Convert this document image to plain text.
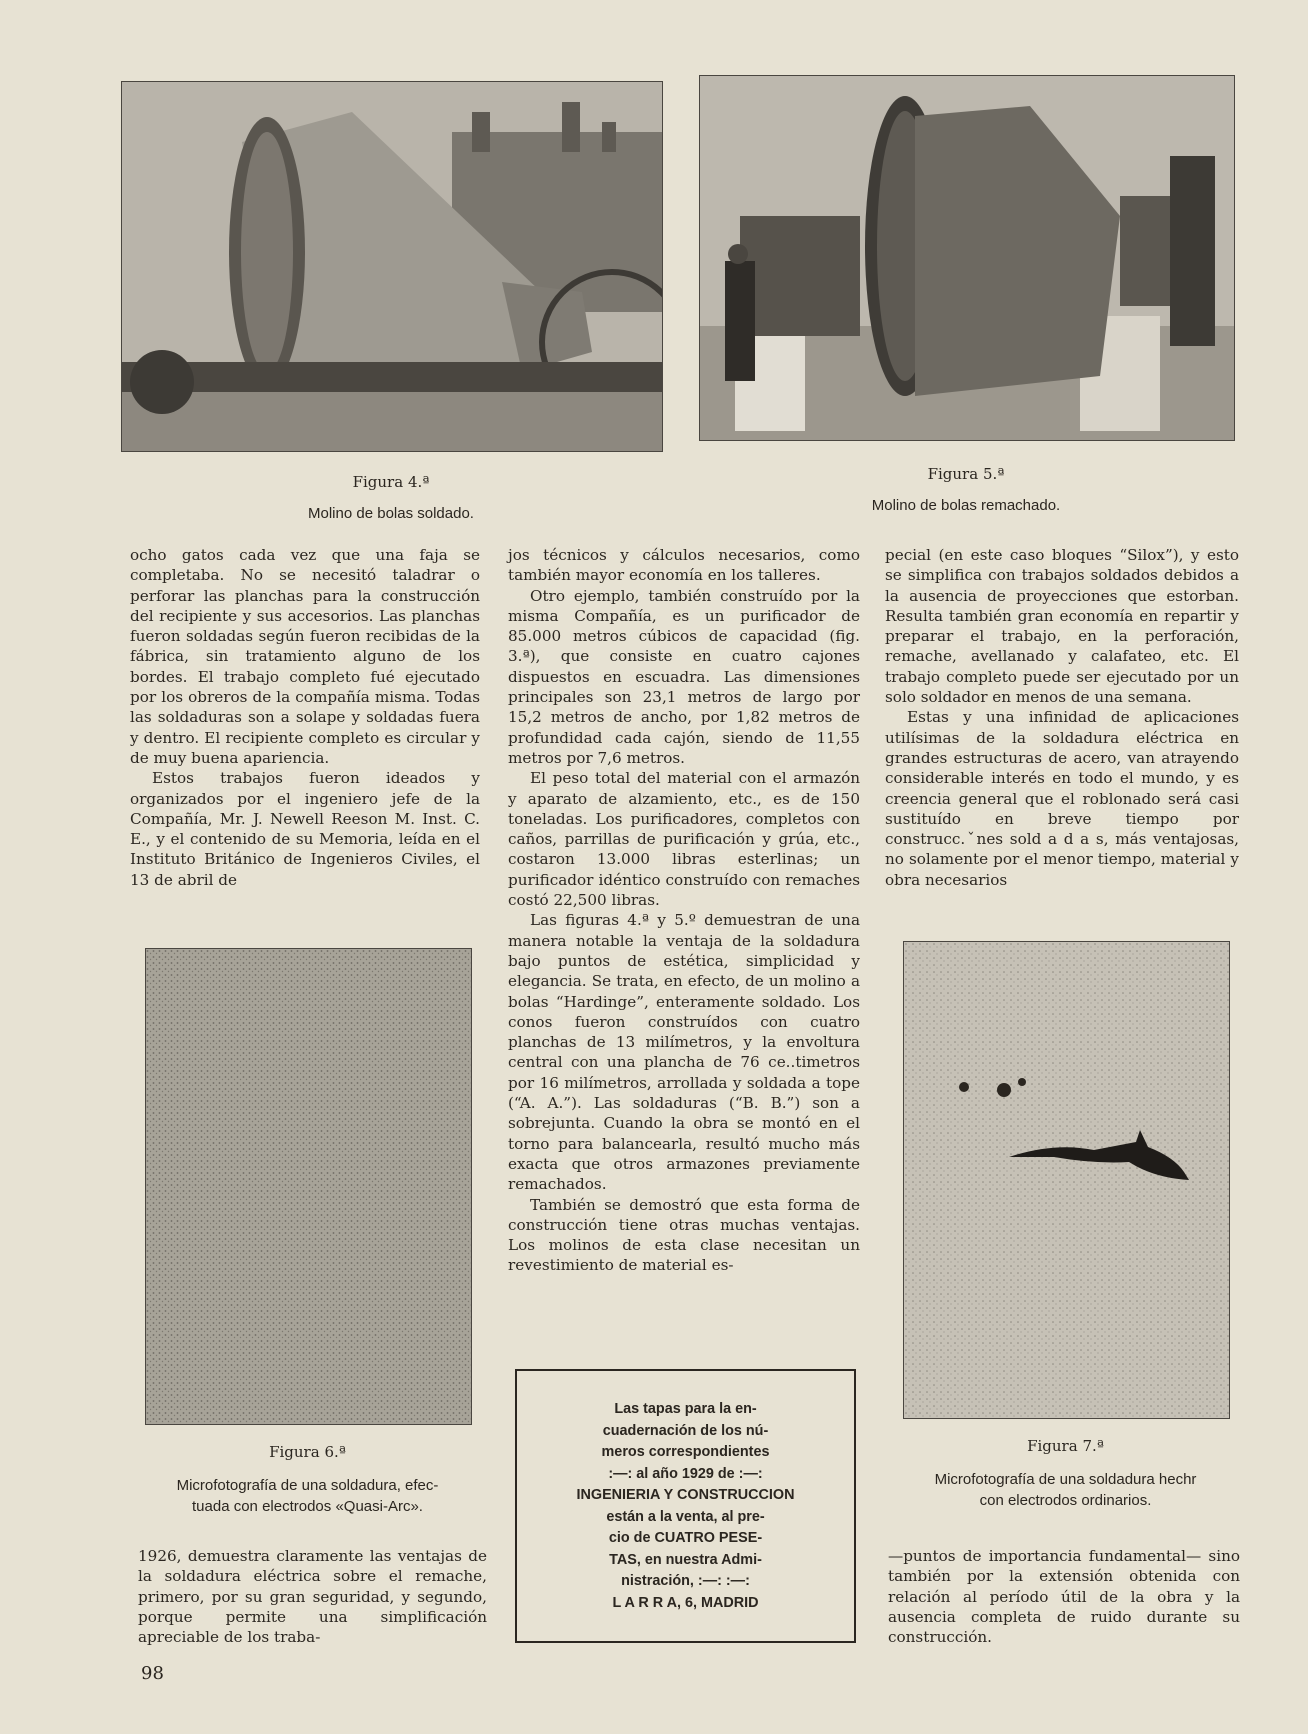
Figura 4.ª
Molino de bolas soldado.
Figura 5.ª
Molino de bolas remachado.

ocho gatos cada vez que una faja se completaba. No se necesitó taladrar o perforar las planchas para la construcción del recipiente y sus accesorios. Las planchas fueron soldadas según fueron recibidas de la fábrica, sin tratamiento alguno de los bordes. El trabajo completo fué ejecutado por los obreros de la compañía misma. Todas las soldaduras son a solape y soldadas fuera y dentro. El recipiente completo es circular y de muy buena apariencia.

Estos trabajos fueron ideados y organizados por el ingeniero jefe de la Compañía, Mr. J. Newell Reeson M. Inst. C. E., y el contenido de su Memoria, leída en el Instituto Británico de Ingenieros Civiles, el 13 de abril de

Figura 6.ª
Microfotografía de una soldadura, efec-
tuada con electrodos «Quasi-Arc».

1926, demuestra claramente las ventajas de la soldadura eléctrica sobre el remache, primero, por su gran seguridad, y segundo, porque permite una simplificación apreciable de los traba-

jos técnicos y cálculos necesarios, como también mayor economía en los talleres.

Otro ejemplo, también construído por la misma Compañía, es un purificador de 85.000 metros cúbicos de capacidad (fig. 3.ª), que consiste en cuatro cajones dispuestos en escuadra. Las dimensiones principales son 23,1 metros de largo por 15,2 metros de ancho, por 1,82 metros de profundidad cada cajón, siendo de 11,55 metros por 7,6 metros.

El peso total del material con el armazón y aparato de alzamiento, etc., es de 150 toneladas. Los purificadores, completos con caños, parrillas de purificación y grúa, etc., costaron 13.000 libras esterlinas; un purificador idéntico construído con remaches costó 22,500 libras.

Las figuras 4.ª y 5.º demuestran de una manera notable la ventaja de la soldadura bajo puntos de estética, simplicidad y elegancia. Se trata, en efecto, de un molino a bolas “Hardinge”, enteramente soldado. Los conos fueron construídos con cuatro planchas de 13 milímetros, y la envoltura central con una plancha de 76 ce..timetros por 16 milímetros, arrollada y soldada a tope (“A. A.”). Las soldaduras (“B. B.”) son a sobrejunta. Cuando la obra se montó en el torno para balancearla, resultó mucho más exacta que otros armazones previamente remachados.

También se demostró que esta forma de construcción tiene otras muchas ventajas. Los molinos de esta clase necesitan un revestimiento de material es-

Las tapas para la en-
cuadernación de los nú-
meros correspondientes
:—: al año 1929 de :—:
INGENIERIA Y CONSTRUCCION
están a la venta, al pre-
cio de CUATRO PESE-
TAS, en nuestra Admi-
nistración, :—: :—:
L A R R A, 6, MADRID

pecial (en este caso bloques “Silox”), y esto se simplifica con trabajos soldados debidos a la ausencia de proyecciones que estorban. Resulta también gran economía en repartir y preparar el trabajo, en la perforación, remache, avellanado y calafateo, etc. El trabajo completo puede ser ejecutado por un solo soldador en menos de una semana.

Estas y una infinidad de aplicaciones utilísimas de la soldadura eléctrica en grandes estructuras de acero, van atrayendo considerable interés en todo el mundo, y es creencia general que el roblonado será casi sustituído en breve tiempo por construcc.ˇnes sold a d a s, más ventajosas, no solamente por el menor tiempo, material y obra necesarios

Figura 7.ª
Microfotografía de una soldadura hechr
con electrodos ordinarios.

—puntos de importancia fundamental— sino también por la extensión obtenida con relación al período útil de la obra y la ausencia completa de ruido durante su construcción.

98
